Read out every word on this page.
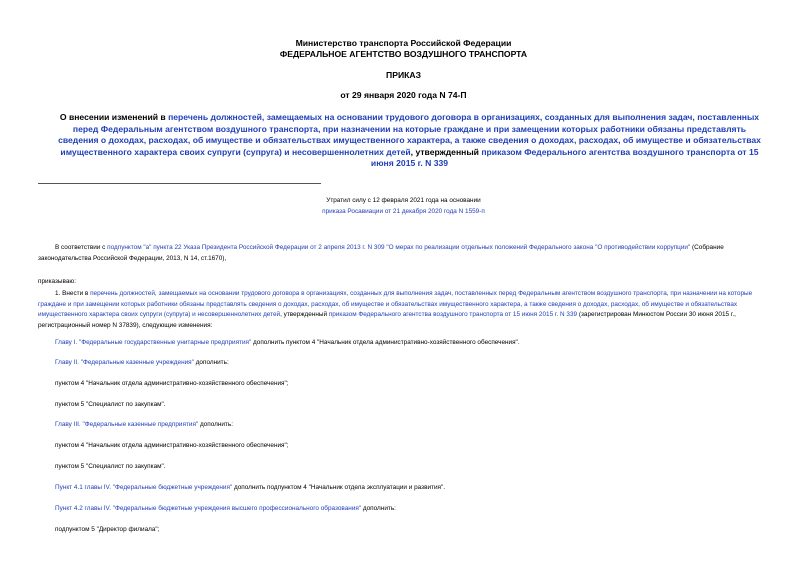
Министерство транспорта Российской Федерации
ФЕДЕРАЛЬНОЕ АГЕНТСТВО ВОЗДУШНОГО ТРАНСПОРТА
ПРИКАЗ
от 29 января 2020 года N 74-П
О внесении изменений в перечень должностей, замещаемых на основании трудового договора в организациях, созданных для выполнения задач, поставленных перед Федеральным агентством воздушного транспорта, при назначении на которые граждане и при замещении которых работники обязаны представлять сведения о доходах, расходах, об имуществе и обязательствах имущественного характера, а также сведения о доходах, расходах, об имуществе и обязательствах имущественного характера своих супруги (супруга) и несовершеннолетних детей, утвержденный приказом Федерального агентства воздушного транспорта от 15 июня 2015 г. N 339
Утратил силу с 12 февраля 2021 года на основании
приказа Росавиации от 21 декабря 2020 года N 1559-п
В соответствии с подпунктом "а" пункта 22 Указа Президента Российской Федерации от 2 апреля 2013 г. N 309 "О мерах по реализации отдельных положений Федерального закона "О противодействии коррупции" (Собрание законодательства Российской Федерации, 2013, N 14, ст.1670),
приказываю:
1. Внести в перечень должностей, замещаемых на основании трудового договора в организациях, созданных для выполнения задач, поставленных перед Федеральным агентством воздушного транспорта, при назначении на которые граждане и при замещении которых работники обязаны представлять сведения о доходах, расходах, об имуществе и обязательствах имущественного характера, а также сведения о доходах, расходах, об имуществе и обязательствах имущественного характера своих супруги (супруга) и несовершеннолетних детей, утвержденный приказом Федерального агентства воздушного транспорта от 15 июня 2015 г. N 339 (зарегистрирован Минюстом России 30 июня 2015 г., регистрационный номер N 37839), следующие изменения:
Главу I. "Федеральные государственные унитарные предприятия" дополнить пунктом 4 "Начальник отдела административно-хозяйственного обеспечения".
Главу II. "Федеральные казенные учреждения" дополнить:
пунктом 4 "Начальник отдела административно-хозяйственного обеспечения";
пунктом 5 "Специалист по закупкам".
Главу III. "Федеральные казенные предприятия" дополнить:
пунктом 4 "Начальник отдела административно-хозяйственного обеспечения";
пунктом 5 "Специалист по закупкам".
Пункт 4.1 главы IV. "Федеральные бюджетные учреждения" дополнить подпунктом 4 "Начальник отдела эксплуатации и развития".
Пункт 4.2 главы IV. "Федеральные бюджетные учреждения высшего профессионального образования" дополнить:
подпунктом 5 "Директор филиала";
